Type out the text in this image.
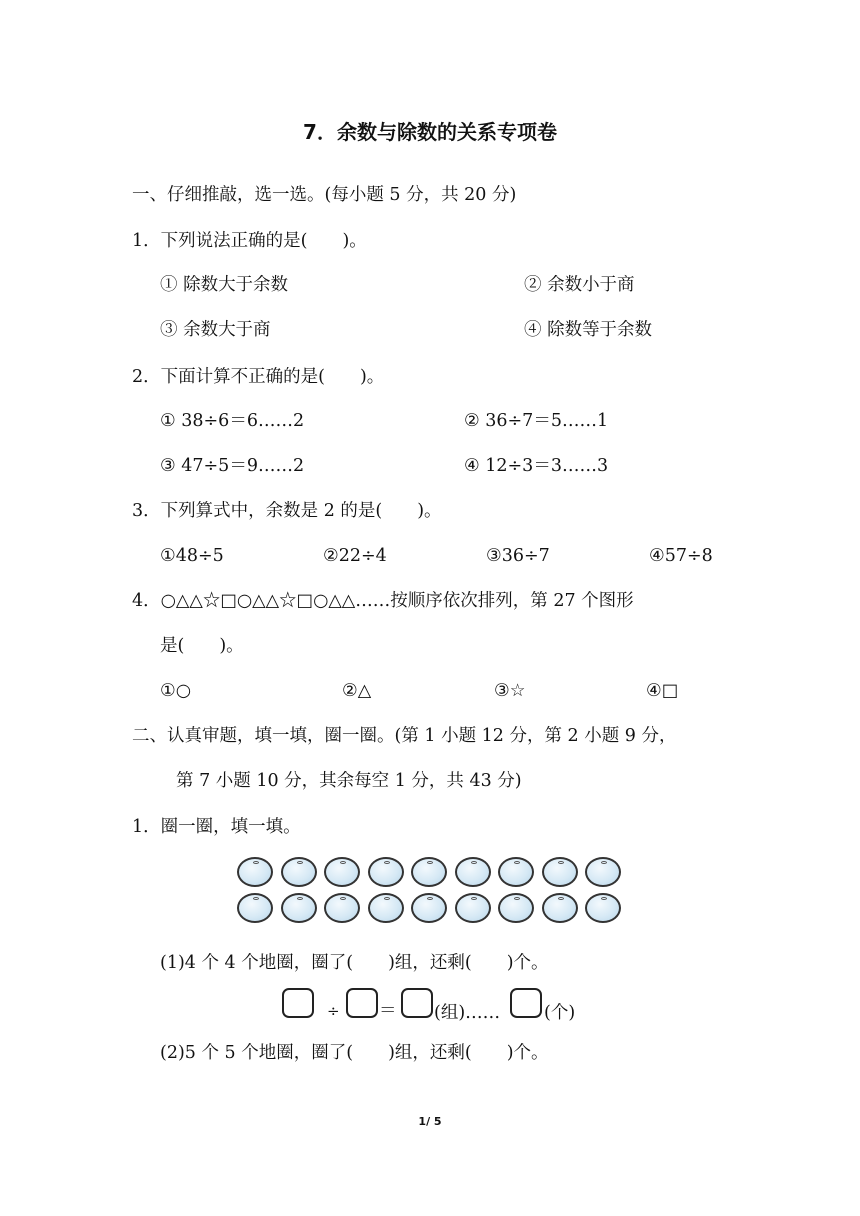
7．余数与除数的关系专项卷
一、仔细推敲，选一选。(每小题 5 分，共 20 分)
1．下列说法正确的是(　　)。
① 除数大于余数	② 余数小于商
③ 余数大于商	④ 除数等于余数
2．下面计算不正确的是(　　)。
① 38÷6＝6……2	② 36÷7＝5……1
③ 47÷5＝9……2	④ 12÷3＝3……3
3．下列算式中，余数是 2 的是(　　)。
①48÷5	②22÷4	③36÷7	④57÷8
4．○△△☆□○△△☆□○△△……按顺序依次排列，第 27 个图形
是(　　)。
①○	②△	③☆	④□
二、认真审题，填一填，圈一圈。(第 1 小题 12 分，第 2 小题 9 分，
第 7 小题 10 分，其余每空 1 分，共 43 分)
1．圈一圈，填一填。
(1)4 个 4 个地圈，圈了(　　)组，还剩(　　)个。
÷ ＝ (组)……	(个)
(2)5 个 5 个地圈，圈了(　　)组，还剩(　　)个。
1/ 5
